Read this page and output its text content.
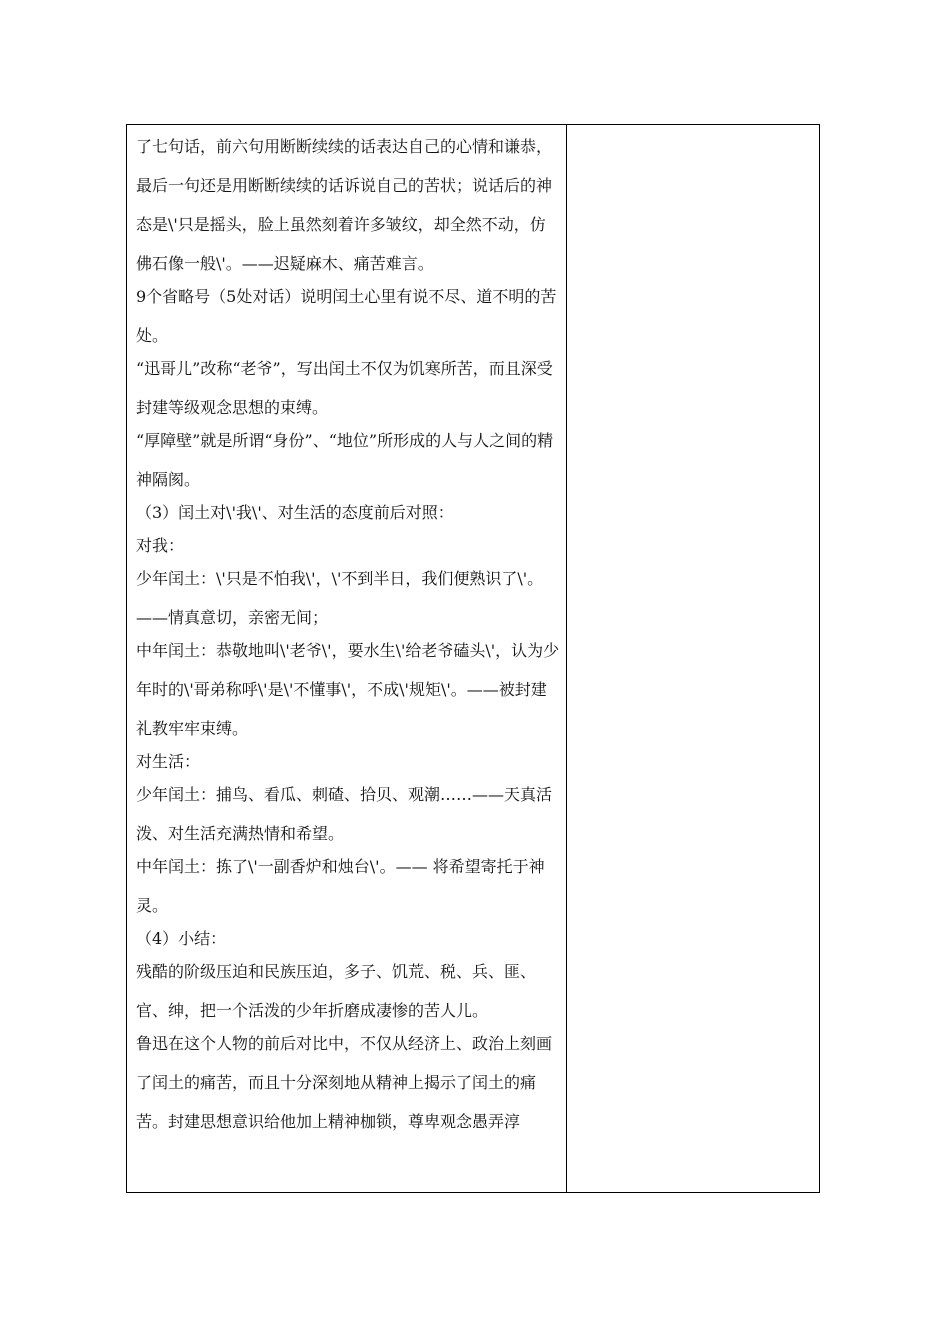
了七句话，前六句用断断续续的话表达自己的心情和谦恭，最后一句还是用断断续续的话诉说自己的苦状；说话后的神态是\'只是摇头，脸上虽然刻着许多皱纹，却全然不动，仿佛石像一般\'。——迟疑麻木、痛苦难言。

9个省略号（5处对话）说明闰土心里有说不尽、道不明的苦处。

“迅哥儿”改称“老爷”，写出闰土不仅为饥寒所苦，而且深受封建等级观念思想的束缚。

“厚障壁”就是所谓“身份”、“地位”所形成的人与人之间的精神隔阂。

（3）闰土对\'我\'、对生活的态度前后对照：

对我：

少年闰土：\'只是不怕我\'，\'不到半日，我们便熟识了\'。——情真意切，亲密无间；

中年闰土：恭敬地叫\'老爷\'，要水生\'给老爷磕头\'，认为少年时的\'哥弟称呼\'是\'不懂事\'，不成\'规矩\'。——被封建礼教牢牢束缚。

对生活：

少年闰土：捕鸟、看瓜、刺碴、拾贝、观潮……——天真活泼、对生活充满热情和希望。

中年闰土：拣了\'一副香炉和烛台\'。—— 将希望寄托于神灵。

（4）小结：

残酷的阶级压迫和民族压迫，多子、饥荒、税、兵、匪、官、绅，把一个活泼的少年折磨成凄惨的苦人儿。

鲁迅在这个人物的前后对比中，不仅从经济上、政治上刻画了闰土的痛苦，而且十分深刻地从精神上揭示了闰土的痛苦。封建思想意识给他加上精神枷锁，尊卑观念愚弄淳
